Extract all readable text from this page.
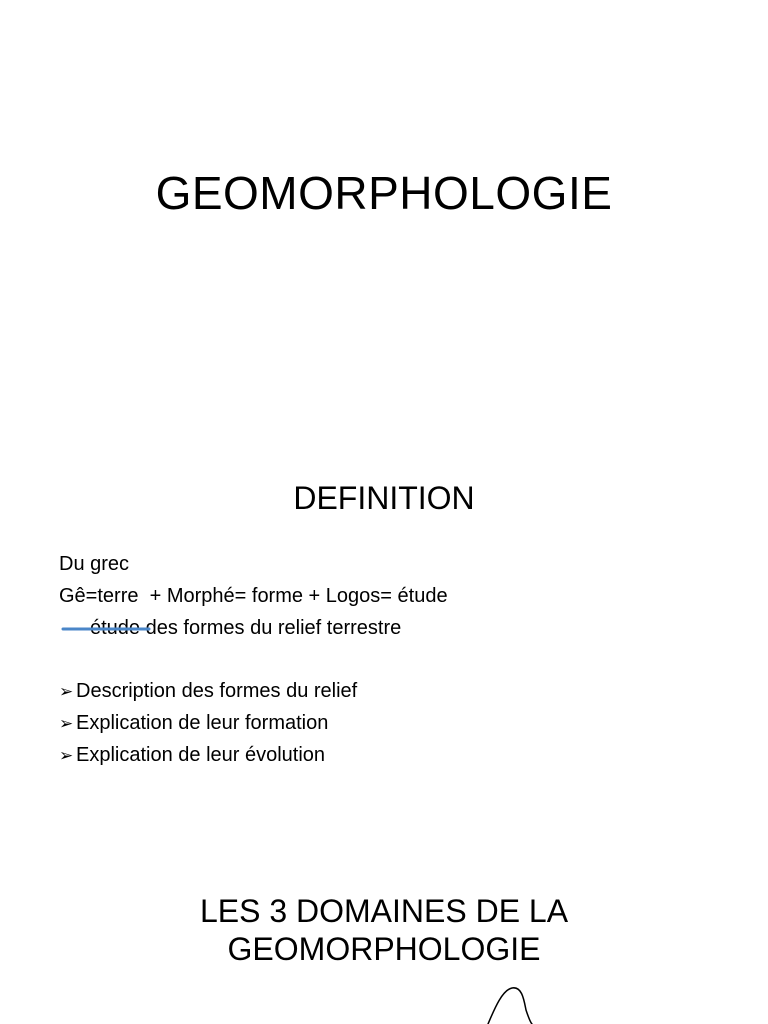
GEOMORPHOLOGIE
DEFINITION
Du grec
Gê=terre  + Morphé= forme + Logos= étude
étude des formes du relief terrestre
➢ Description des formes du relief
➢ Explication de leur formation
➢ Explication de leur évolution
LES 3 DOMAINES DE LA
GEOMORPHOLOGIE
